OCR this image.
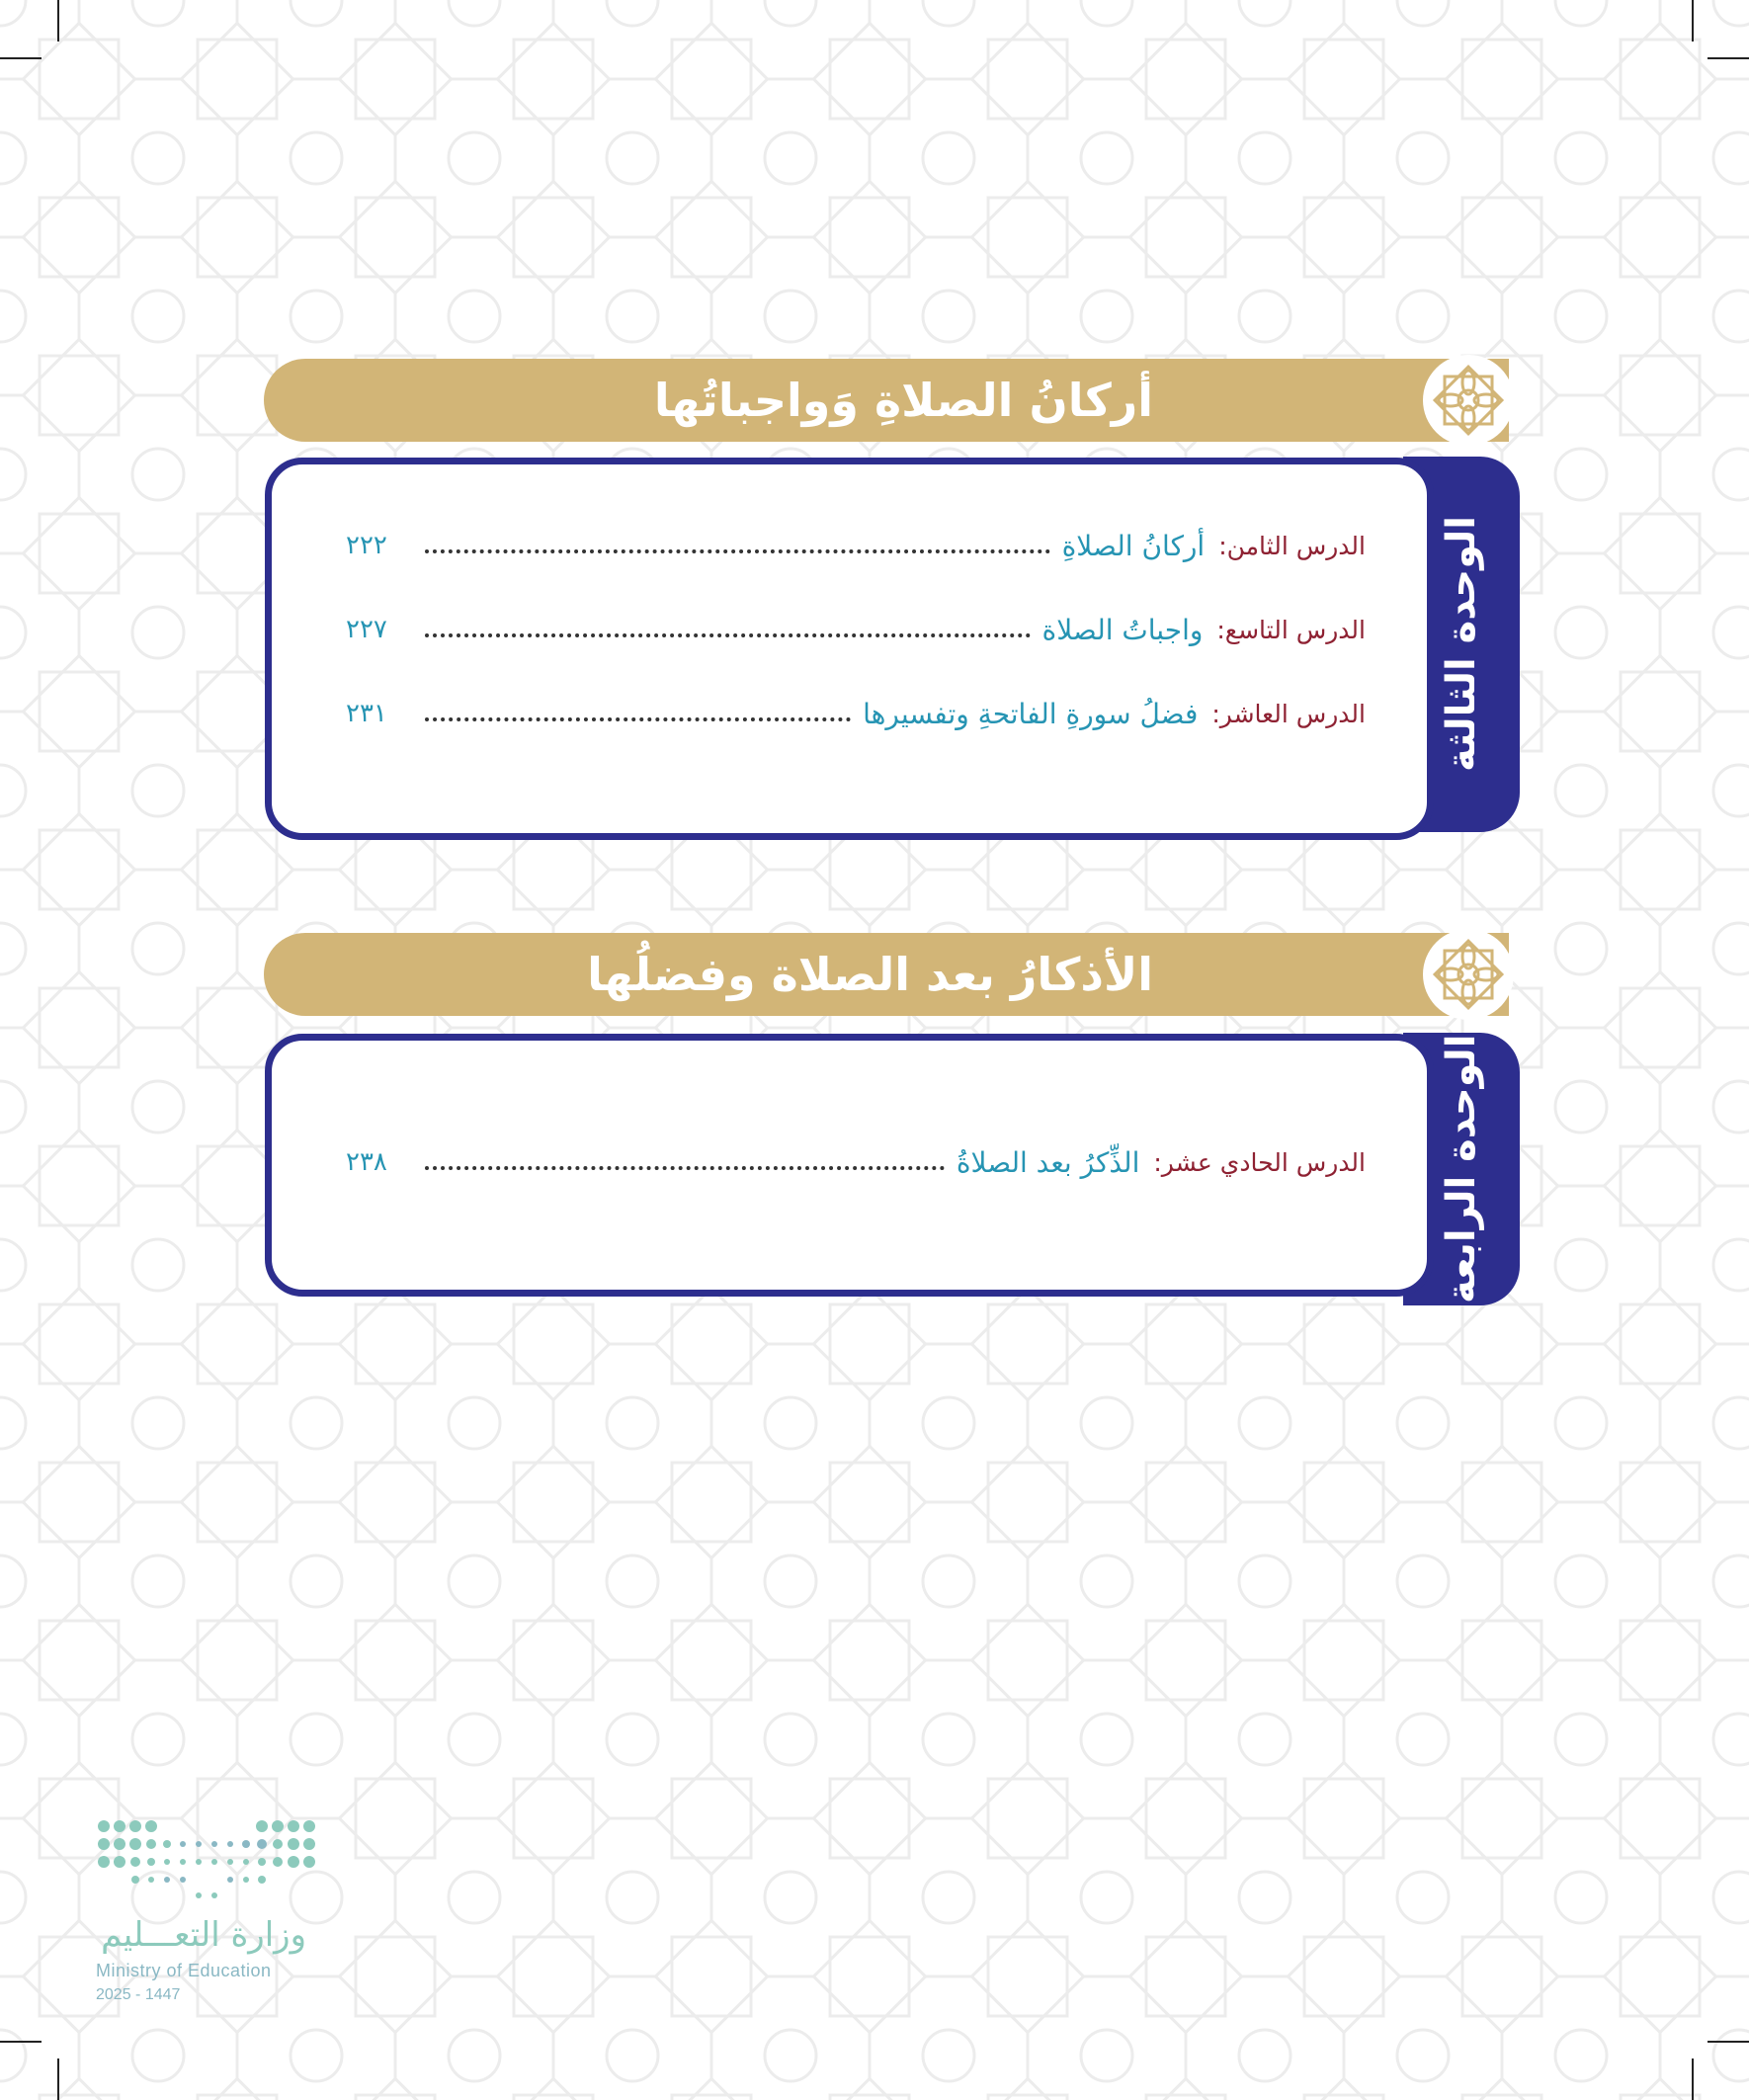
أركانُ الصلاةِ وَواجباتُها
الوحدة الثالثة
الدرس الثامن:
أركانُ الصلاةِ
٢٢٢
الدرس التاسع:
واجباتُ الصلاة
٢٢٧
الدرس العاشر:
فضلُ سورةِ الفاتحةِ وتفسيرها
٢٣١
الأذكارُ بعد الصلاة وفضلُها
الوحدة الرابعة
الدرس الحادي عشر:
الذِّكرُ بعد الصلاةُ
٢٣٨
وزارة التعـــليم
Ministry of Education
2025 - 1447
